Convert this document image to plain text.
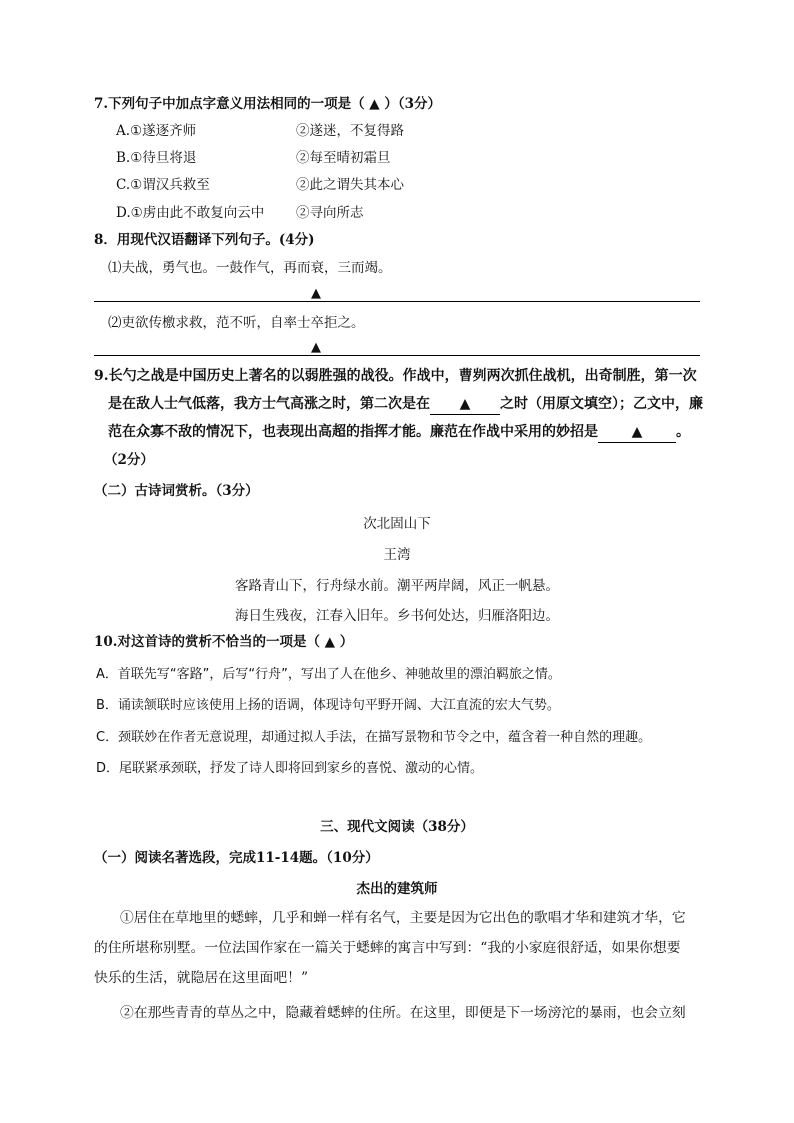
7.下列句子中加点字意义用法相同的一项是（ ▲ ）（3分）
A.①遂逐齐师	②遂迷，不复得路
B.①待旦将退	②每至晴初霜旦
C.①谓汉兵救至	②此之谓失其本心
D.①虏由此不敢复向云中 ②寻向所志
8．用现代汉语翻译下列句子。(4分)
⑴夫战，勇气也。一鼓作气，再而衰，三而竭。
▲
⑵吏欲传檄求救，范不听，自率士卒拒之。
▲
9.长勺之战是中国历史上著名的以弱胜强的战役。作战中，曹刿两次抓住战机，出奇制胜，第一次
是在敌人士气低落，我方士气高涨之时，第二次是在 ▲ 之时（用原文填空）；乙文中，廉
范在众寡不敌的情况下，也表现出高超的指挥才能。廉范在作战中采用的妙招是 ▲ 。
（2分）
（二）古诗词赏析。（3分）
次北固山下
王湾
客路青山下，行舟绿水前。潮平两岸阔，风正一帆悬。
海日生残夜，江春入旧年。乡书何处达，归雁洛阳边。
10.对这首诗的赏析不恰当的一项是（ ▲ ）
A．首联先写“客路”，后写“行舟”，写出了人在他乡、神驰故里的漂泊羁旅之情。
B．诵读颔联时应该使用上扬的语调，体现诗句平野开阔、大江直流的宏大气势。
C．颈联妙在作者无意说理，却通过拟人手法，在描写景物和节令之中，蕴含着一种自然的理趣。
D．尾联紧承颈联，抒发了诗人即将回到家乡的喜悦、激动的心情。
三、现代文阅读（38分）
（一）阅读名著选段，完成11-14题。（10分）
杰出的建筑师
①居住在草地里的蟋蟀，几乎和蝉一样有名气，主要是因为它出色的歌唱才华和建筑才华，它
的住所堪称别墅。一位法国作家在一篇关于蟋蟀的寓言中写到：“我的小家庭很舒适，如果你想要
快乐的生活，就隐居在这里面吧！”
②在那些青青的草丛之中，隐藏着蟋蟀的住所。在这里，即便是下一场滂沱的暴雨，也会立刻
